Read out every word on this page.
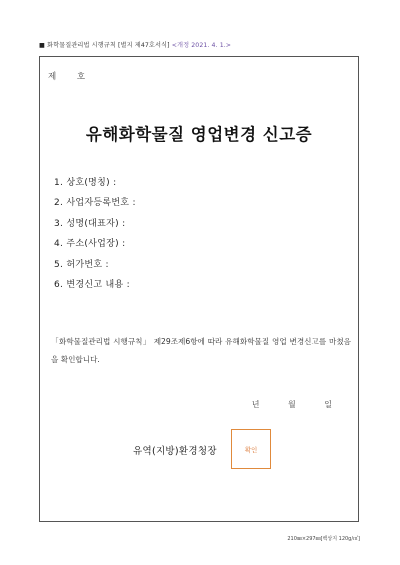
■ 화학물질관리법 시행규칙 [별지 제47호서식] <개정 2021. 4. 1.>
제 호
유해화학물질 영업변경 신고증
1. 상호(명칭) :
2. 사업자등록번호 :
3. 성명(대표자) :
4. 주소(사업장) :
5. 허가번호 :
6. 변경신고 내용 :
「화학물질관리법 시행규칙」 제29조제6항에 따라 유해화학물질 영업 변경신고를 마쳤음을 확인합니다.
년	월	일
유역(지방)환경청장	확인
210㎜×297㎜[백상지 120g/㎡]
